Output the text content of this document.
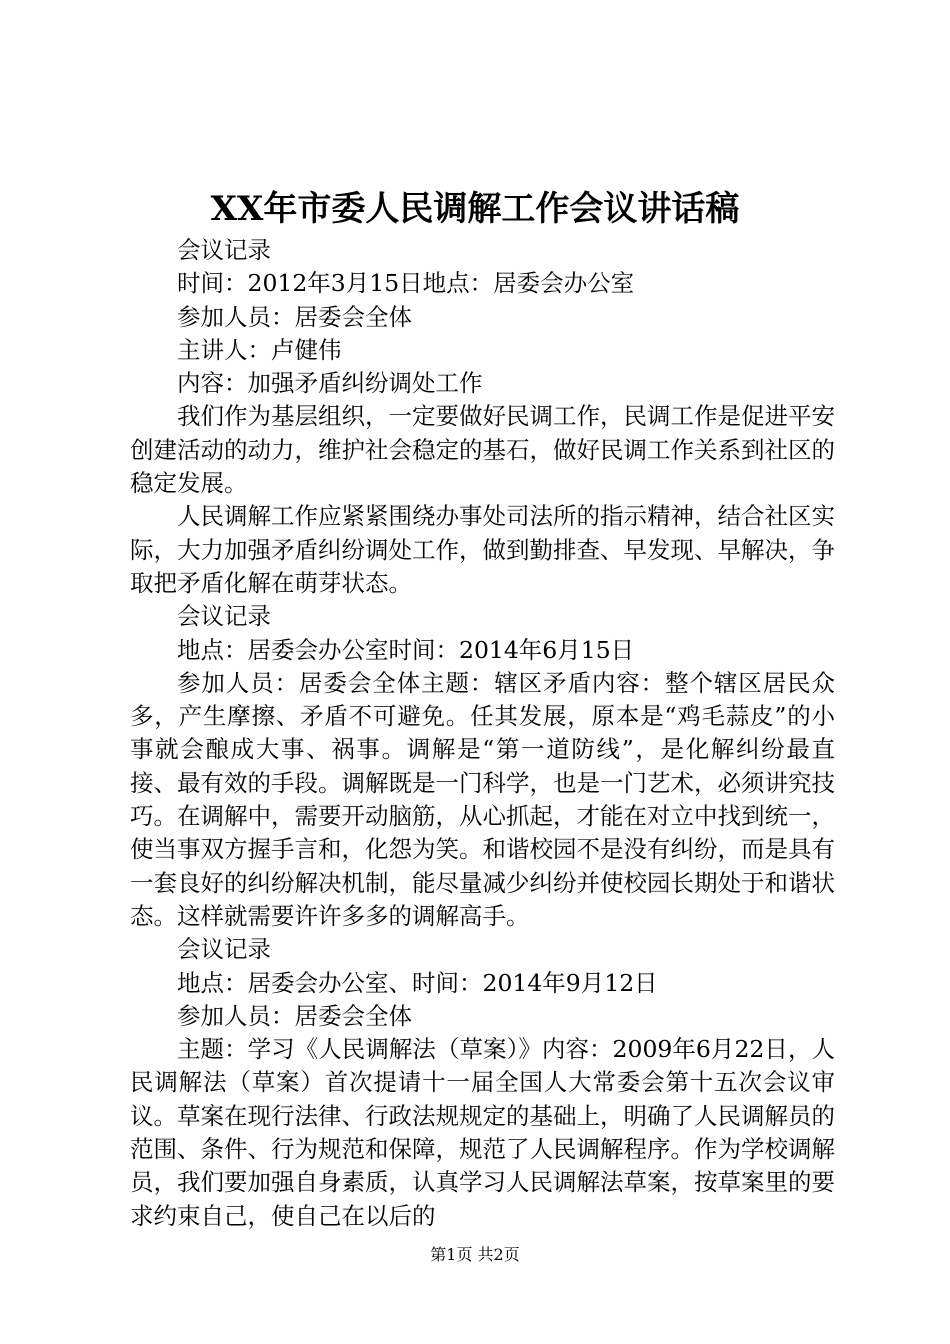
XX年市委人民调解工作会议讲话稿

会议记录

时间：2012年3月15日地点：居委会办公室

参加人员：居委会全体

主讲人：卢健伟

内容：加强矛盾纠纷调处工作

我们作为基层组织，一定要做好民调工作，民调工作是促进平安创建活动的动力，维护社会稳定的基石，做好民调工作关系到社区的稳定发展。

人民调解工作应紧紧围绕办事处司法所的指示精神，结合社区实际，大力加强矛盾纠纷调处工作，做到勤排查、早发现、早解决，争取把矛盾化解在萌芽状态。

会议记录

地点：居委会办公室时间：2014年6月15日

参加人员：居委会全体主题：辖区矛盾内容：整个辖区居民众多，产生摩擦、矛盾不可避免。任其发展，原本是“鸡毛蒜皮”的小事就会酿成大事、祸事。调解是“第一道防线”，是化解纠纷最直接、最有效的手段。调解既是一门科学，也是一门艺术，必须讲究技巧。在调解中，需要开动脑筋，从心抓起，才能在对立中找到统一，使当事双方握手言和，化怨为笑。和谐校园不是没有纠纷，而是具有一套良好的纠纷解决机制，能尽量减少纠纷并使校园长期处于和谐状态。这样就需要许许多多的调解高手。

会议记录

地点：居委会办公室、时间：2014年9月12日

参加人员：居委会全体

主题：学习《人民调解法（草案）》内容：2009年6月22日，人民调解法（草案）首次提请十一届全国人大常委会第十五次会议审议。草案在现行法律、行政法规规定的基础上，明确了人民调解员的范围、条件、行为规范和保障，规范了人民调解程序。作为学校调解员，我们要加强自身素质，认真学习人民调解法草案，按草案里的要求约束自己，使自己在以后的

第1页 共2页
